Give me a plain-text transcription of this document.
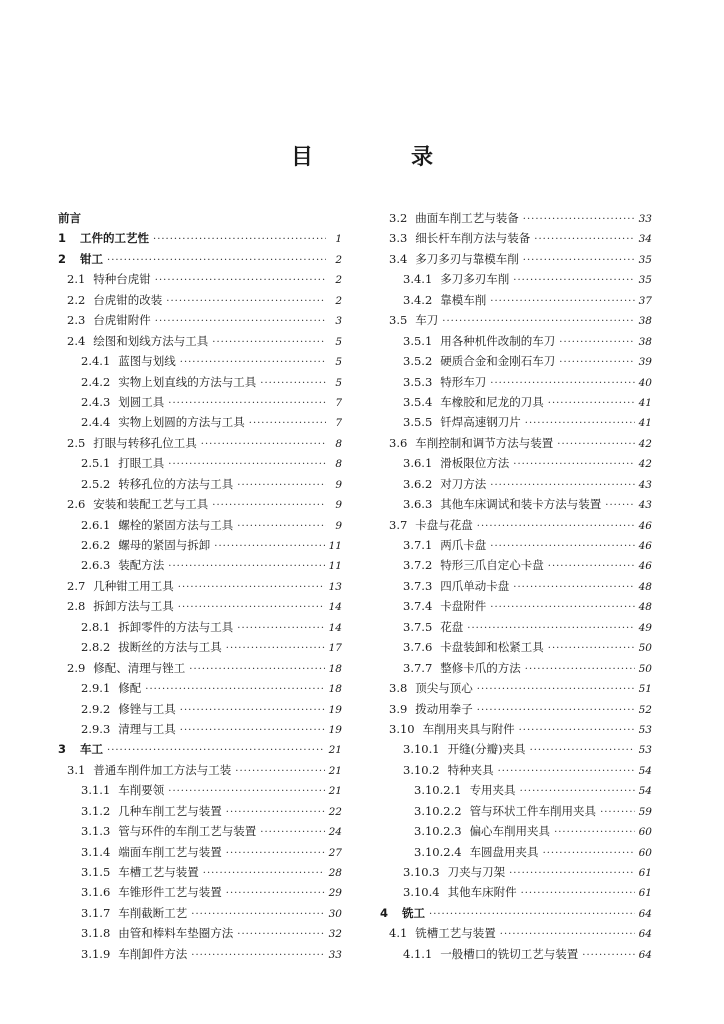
目　录
前言
1 工件的工艺性 ·····	1
2 钳工 ·····	2
2.1 特种台虎钳 ·····	2
2.2 台虎钳的改装 ·····	2
2.3 台虎钳附件 ·····	3
2.4 绘图和划线方法与工具 ·····	5
2.4.1 蓝图与划线 ·····	5
2.4.2 实物上划直线的方法与工具 ·····	5
2.4.3 划圆工具 ·····	7
2.4.4 实物上划圆的方法与工具 ·····	7
2.5 打眼与转移孔位工具 ·····	8
2.5.1 打眼工具 ·····	8
2.5.2 转移孔位的方法与工具 ·····	9
2.6 安装和装配工艺与工具 ·····	9
2.6.1 螺栓的紧固方法与工具 ·····	9
2.6.2 螺母的紧固与拆卸 ·····	11
2.6.3 装配方法 ·····	11
2.7 几种钳工用工具 ·····	13
2.8 拆卸方法与工具 ·····	14
2.8.1 拆卸零件的方法与工具 ·····	14
2.8.2 拔断丝的方法与工具 ·····	17
2.9 修配、清理与锉工 ·····	18
2.9.1 修配 ·····	18
2.9.2 修锉与工具 ·····	19
2.9.3 清理与工具 ·····	19
3 车工 ·····	21
3.1 普通车削件加工方法与工装 ·····	21
3.1.1 车削要领 ·····	21
3.1.2 几种车削工艺与装置 ·····	22
3.1.3 管与环件的车削工艺与装置 ·····	24
3.1.4 端面车削工艺与装置 ·····	27
3.1.5 车槽工艺与装置 ·····	28
3.1.6 车锥形件工艺与装置 ·····	29
3.1.7 车削截断工艺 ·····	30
3.1.8 由管和棒料车垫圈方法 ·····	32
3.1.9 车削卸件方法 ·····	33
3.2 曲面车削工艺与装备 ·····	33
3.3 细长杆车削方法与装备 ·····	34
3.4 多刀多刃与靠模车削 ·····	35
3.4.1 多刀多刃车削 ·····	35
3.4.2 靠模车削 ·····	37
3.5 车刀 ·····	38
3.5.1 用各种机件改制的车刀 ·····	38
3.5.2 硬质合金和金刚石车刀 ·····	39
3.5.3 特形车刀 ·····	40
3.5.4 车橡胶和尼龙的刀具 ·····	41
3.5.5 钎焊高速钢刀片 ·····	41
3.6 车削控制和调节方法与装置 ·····	42
3.6.1 滑板限位方法 ·····	42
3.6.2 对刀方法 ·····	43
3.6.3 其他车床调试和装卡方法与装置 ·····	43
3.7 卡盘与花盘 ·····	46
3.7.1 两爪卡盘 ·····	46
3.7.2 特形三爪自定心卡盘 ·····	46
3.7.3 四爪单动卡盘 ·····	48
3.7.4 卡盘附件 ·····	48
3.7.5 花盘 ·····	49
3.7.6 卡盘装卸和松紧工具 ·····	50
3.7.7 整修卡爪的方法 ·····	50
3.8 顶尖与顶心 ·····	51
3.9 拨动用拳子 ·····	52
3.10 车削用夹具与附件 ·····	53
3.10.1 开缝(分瓣)夹具 ·····	53
3.10.2 特种夹具 ·····	54
3.10.2.1 专用夹具 ·····	54
3.10.2.2 管与环状工件车削用夹具 ·····	59
3.10.2.3 偏心车削用夹具 ·····	60
3.10.2.4 车圆盘用夹具 ·····	60
3.10.3 刀夹与刀架 ·····	61
3.10.4 其他车床附件 ·····	61
4 铣工 ·····	64
4.1 铣槽工艺与装置 ·····	64
4.1.1 一般槽口的铣切工艺与装置 ·····	64
